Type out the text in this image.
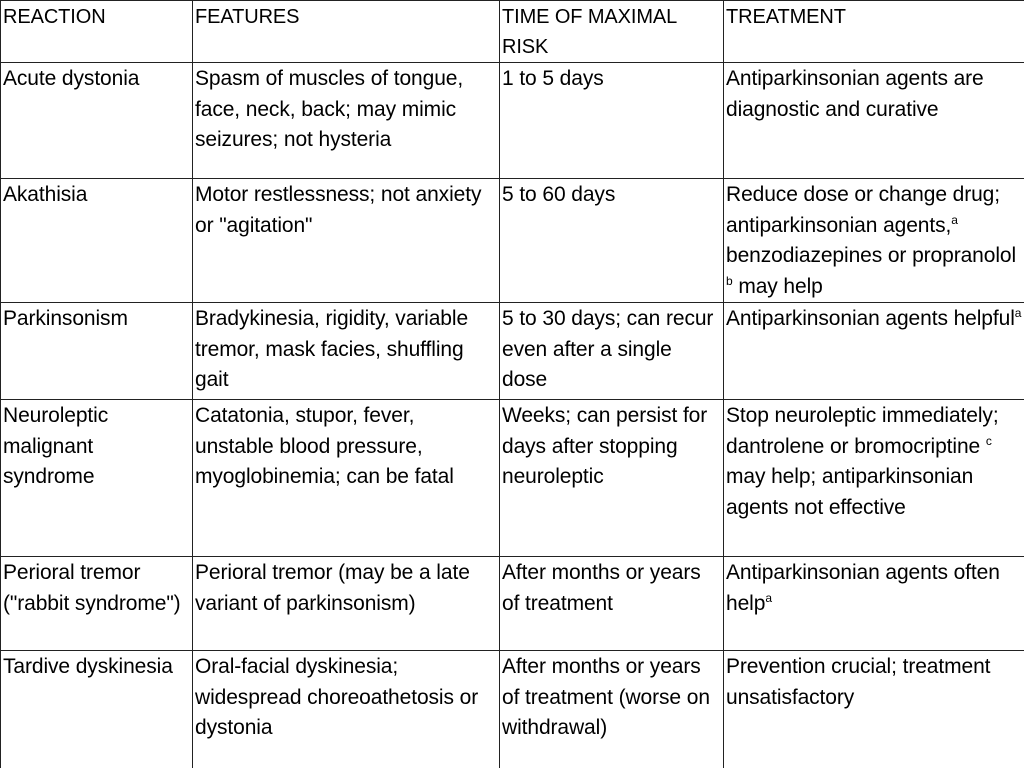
REACTION	FEATURES	TIME OF MAXIMAL RISK	TREATMENT
Acute dystonia	Spasm of muscles of tongue, face, neck, back; may mimic seizures; not hysteria	1 to 5 days	Antiparkinsonian agents are diagnostic and curative
Akathisia	Motor restlessness; not anxiety or "agitation"	5 to 60 days	Reduce dose or change drug; antiparkinsonian agents,$^a$ benzodiazepines or propranolol $^b$ may help
Parkinsonism	Bradykinesia, rigidity, variable tremor, mask facies, shuffling gait	5 to 30 days; can recur even after a single dose	Antiparkinsonian agents helpful$^a$
Neuroleptic malignant syndrome	Catatonia, stupor, fever, unstable blood pressure, myoglobinemia; can be fatal	Weeks; can persist for days after stopping neuroleptic	Stop neuroleptic immediately; dantrolene or bromocriptine $^c$ may help; antiparkinsonian agents not effective
Perioral tremor ("rabbit syndrome")	Perioral tremor (may be a late variant of parkinsonism)	After months or years of treatment	Antiparkinsonian agents often help$^a$
Tardive dyskinesia	Oral-facial dyskinesia; widespread choreoathetosis or dystonia	After months or years of treatment (worse on withdrawal)	Prevention crucial; treatment unsatisfactory
